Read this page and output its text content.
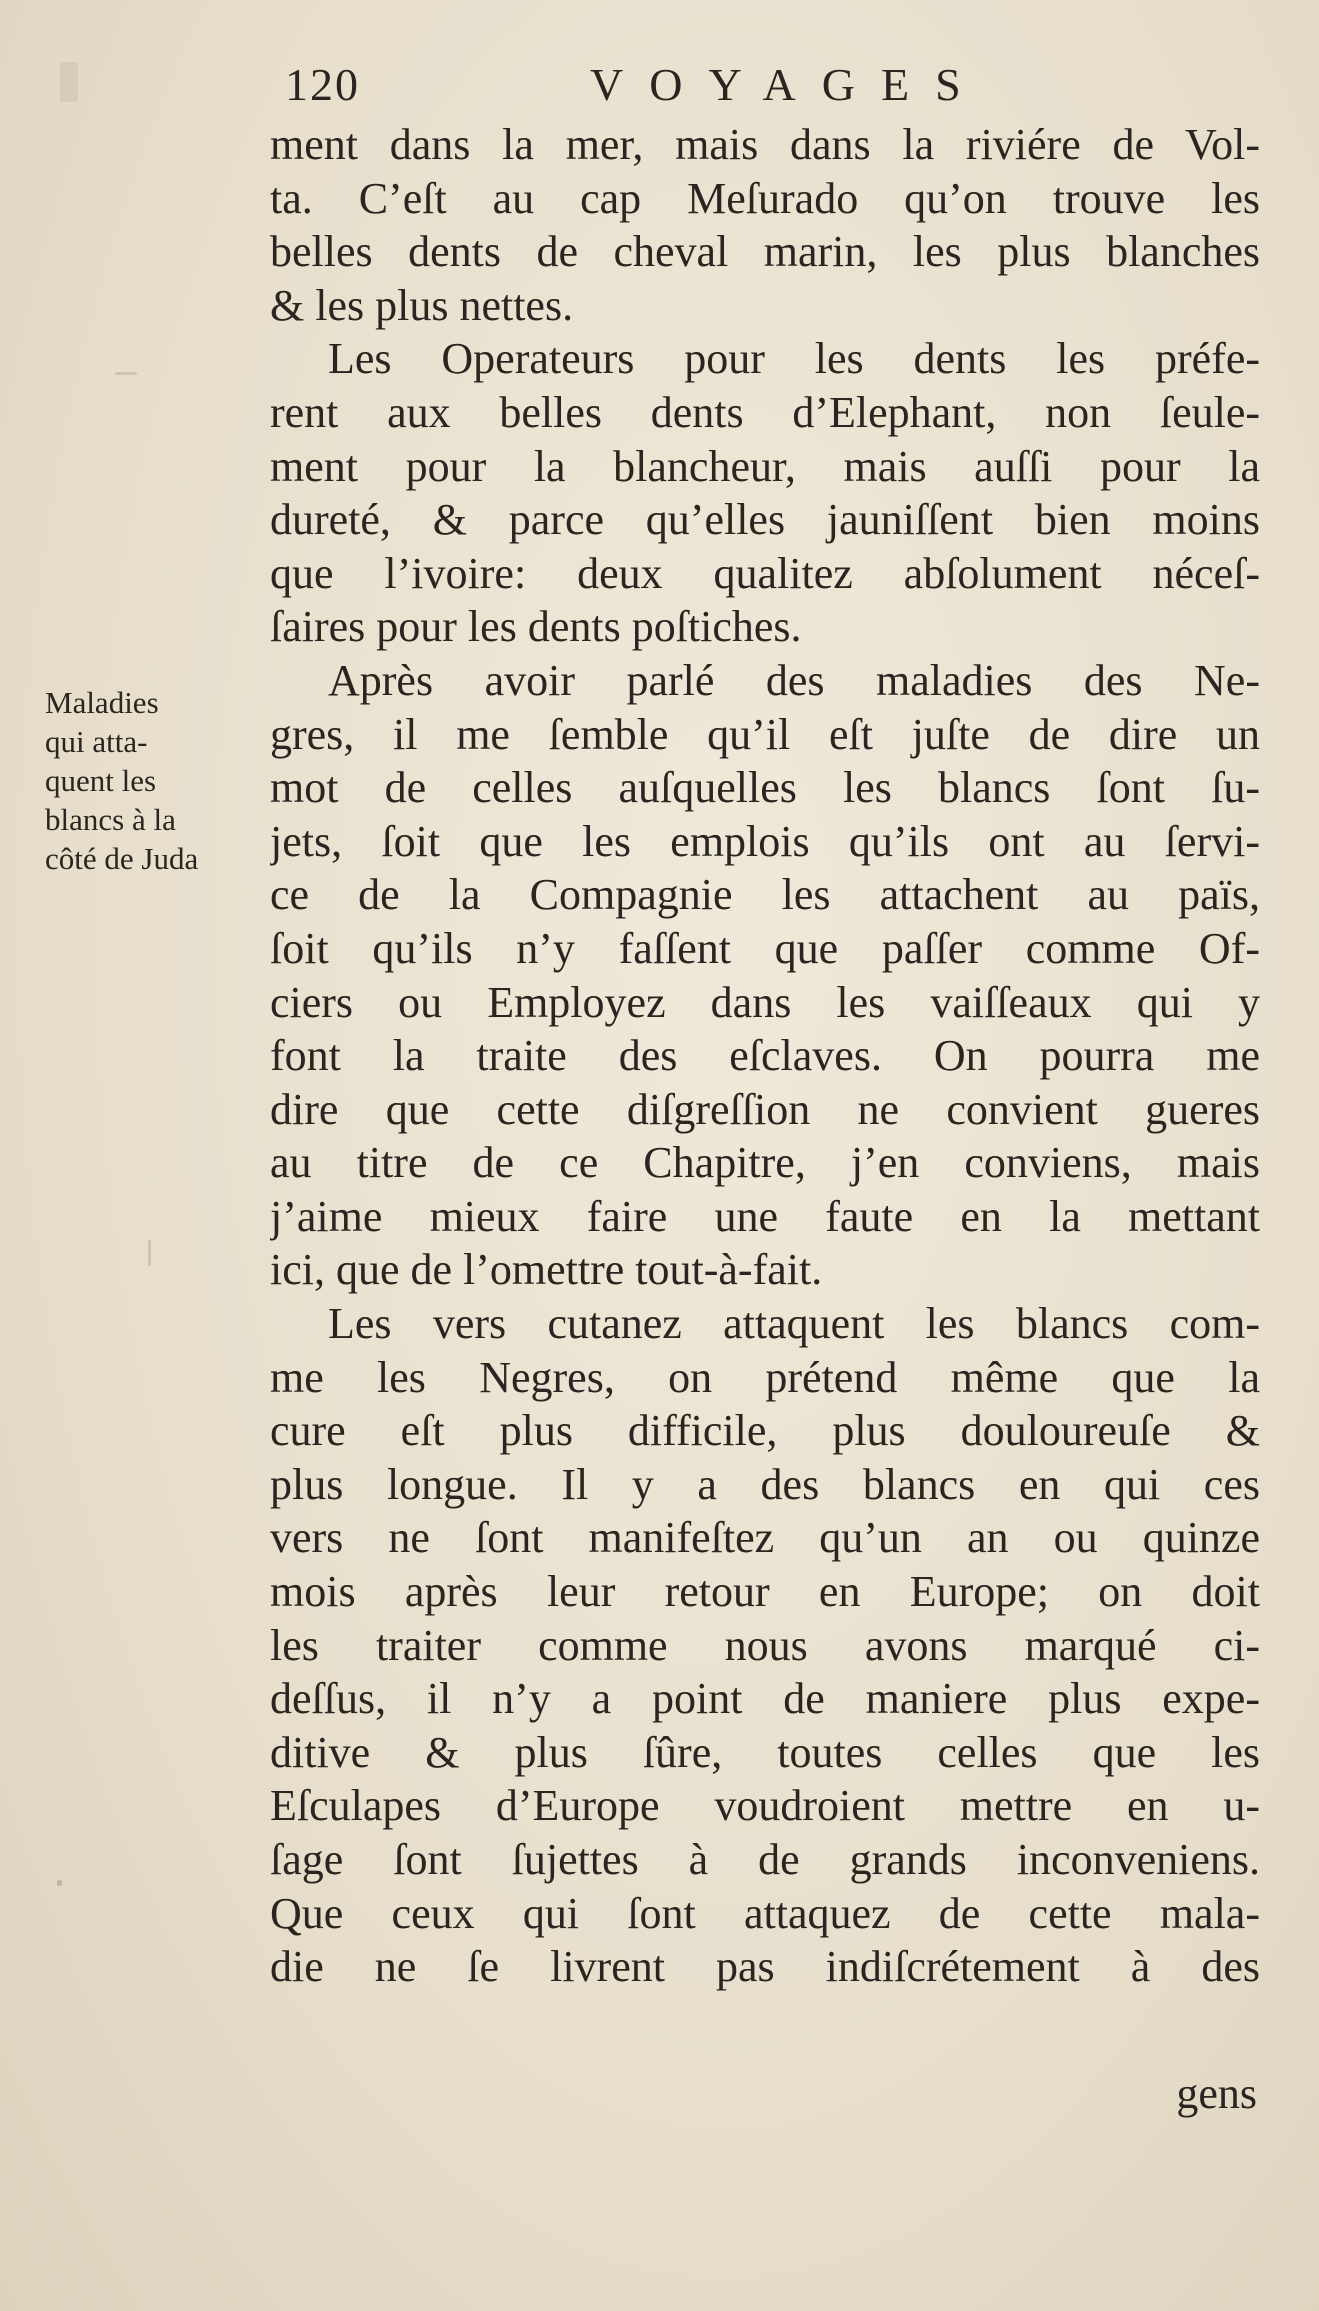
120	VOYAGES
Maladies
qui atta-
quent les
blancs à la
côté de Juda
ment dans la mer, mais dans la riviére de Vol-
ta. C’eſt au cap Meſurado qu’on trouve les
belles dents de cheval marin, les plus blanches
& les plus nettes.
Les Operateurs pour les dents les préfe-
rent aux belles dents d’Elephant, non ſeule-
ment pour la blancheur, mais auſſi pour la
dureté, & parce qu’elles jauniſſent bien moins
que l’ivoire: deux qualitez abſolument néceſ-
ſaires pour les dents poſtiches.
Après avoir parlé des maladies des Ne-
gres, il me ſemble qu’il eſt juſte de dire un
mot de celles auſquelles les blancs ſont ſu-
jets, ſoit que les emplois qu’ils ont au ſervi-
ce de la Compagnie les attachent au païs,
ſoit qu’ils n’y faſſent que paſſer comme Of-
ciers ou Employez dans les vaiſſeaux qui y
font la traite des eſclaves. On pourra me
dire que cette diſgreſſion ne convient gueres
au titre de ce Chapitre, j’en conviens, mais
j’aime mieux faire une faute en la mettant
ici, que de l’omettre tout-à-fait.
Les vers cutanez attaquent les blancs com-
me les Negres, on prétend même que la
cure eſt plus difficile, plus douloureuſe &
plus longue. Il y a des blancs en qui ces
vers ne ſont manifeſtez qu’un an ou quinze
mois après leur retour en Europe; on doit
les traiter comme nous avons marqué ci-
deſſus, il n’y a point de maniere plus expe-
ditive & plus ſûre, toutes celles que les
Eſculapes d’Europe voudroient mettre en u-
ſage ſont ſujettes à de grands inconveniens.
Que ceux qui ſont attaquez de cette mala-
die ne ſe livrent pas indiſcrétement à des
gens
